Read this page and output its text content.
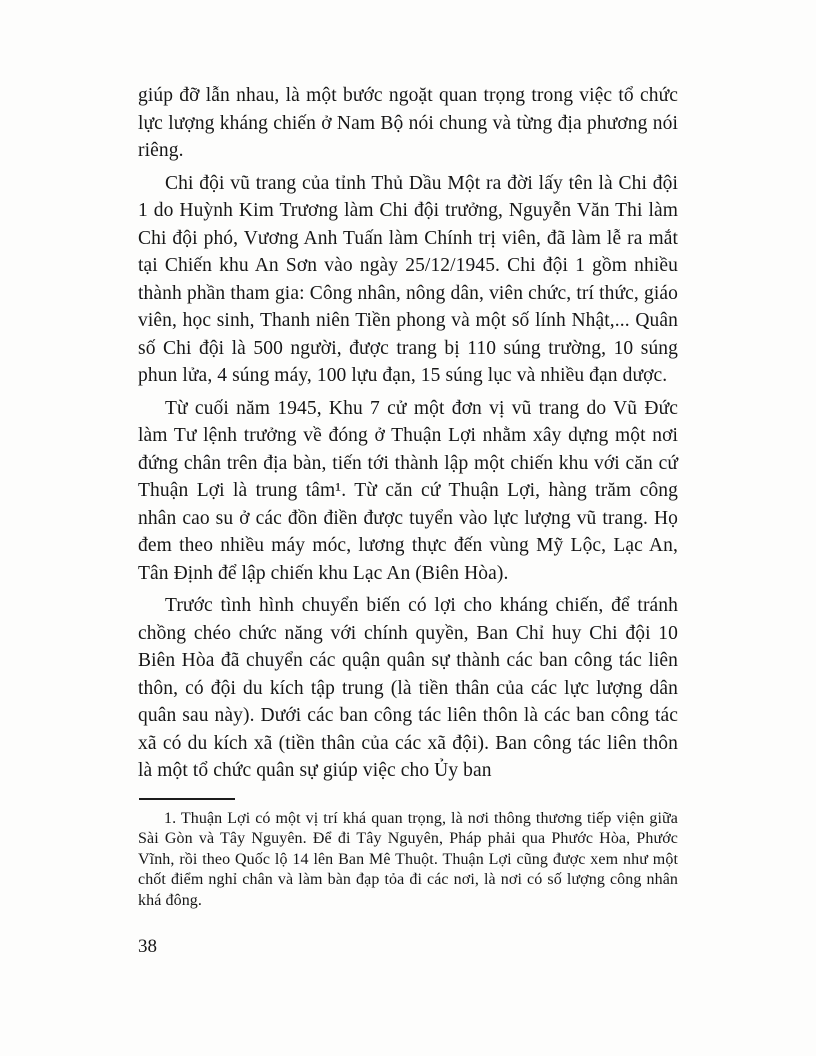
giúp đỡ lẫn nhau, là một bước ngoặt quan trọng trong việc tổ chức lực lượng kháng chiến ở Nam Bộ nói chung và từng địa phương nói riêng.

Chi đội vũ trang của tỉnh Thủ Dầu Một ra đời lấy tên là Chi đội 1 do Huỳnh Kim Trương làm Chi đội trưởng, Nguyễn Văn Thi làm Chi đội phó, Vương Anh Tuấn làm Chính trị viên, đã làm lễ ra mắt tại Chiến khu An Sơn vào ngày 25/12/1945. Chi đội 1 gồm nhiều thành phần tham gia: Công nhân, nông dân, viên chức, trí thức, giáo viên, học sinh, Thanh niên Tiền phong và một số lính Nhật,... Quân số Chi đội là 500 người, được trang bị 110 súng trường, 10 súng phun lửa, 4 súng máy, 100 lựu đạn, 15 súng lục và nhiều đạn dược.

Từ cuối năm 1945, Khu 7 cử một đơn vị vũ trang do Vũ Đức làm Tư lệnh trưởng về đóng ở Thuận Lợi nhằm xây dựng một nơi đứng chân trên địa bàn, tiến tới thành lập một chiến khu với căn cứ Thuận Lợi là trung tâm¹. Từ căn cứ Thuận Lợi, hàng trăm công nhân cao su ở các đồn điền được tuyển vào lực lượng vũ trang. Họ đem theo nhiều máy móc, lương thực đến vùng Mỹ Lộc, Lạc An, Tân Định để lập chiến khu Lạc An (Biên Hòa).

Trước tình hình chuyển biến có lợi cho kháng chiến, để tránh chồng chéo chức năng với chính quyền, Ban Chỉ huy Chi đội 10 Biên Hòa đã chuyển các quận quân sự thành các ban công tác liên thôn, có đội du kích tập trung (là tiền thân của các lực lượng dân quân sau này). Dưới các ban công tác liên thôn là các ban công tác xã có du kích xã (tiền thân của các xã đội). Ban công tác liên thôn là một tổ chức quân sự giúp việc cho Ủy ban

1. Thuận Lợi có một vị trí khá quan trọng, là nơi thông thương tiếp viện giữa Sài Gòn và Tây Nguyên. Để đi Tây Nguyên, Pháp phải qua Phước Hòa, Phước Vĩnh, rồi theo Quốc lộ 14 lên Ban Mê Thuột. Thuận Lợi cũng được xem như một chốt điểm nghỉ chân và làm bàn đạp tỏa đi các nơi, là nơi có số lượng công nhân khá đông.

38
